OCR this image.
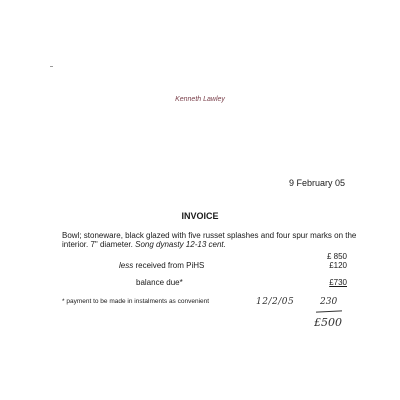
Kenneth Lawley
9 February 05
INVOICE
Bowl; stoneware, black glazed with five russet splashes and four spur marks on the interior. 7" diameter. Song dynasty 12-13 cent.
£ 850
less received from PiHS	£120
balance due*	£730
* payment to be made in instalments as convenient	12/2/05	230
£500
